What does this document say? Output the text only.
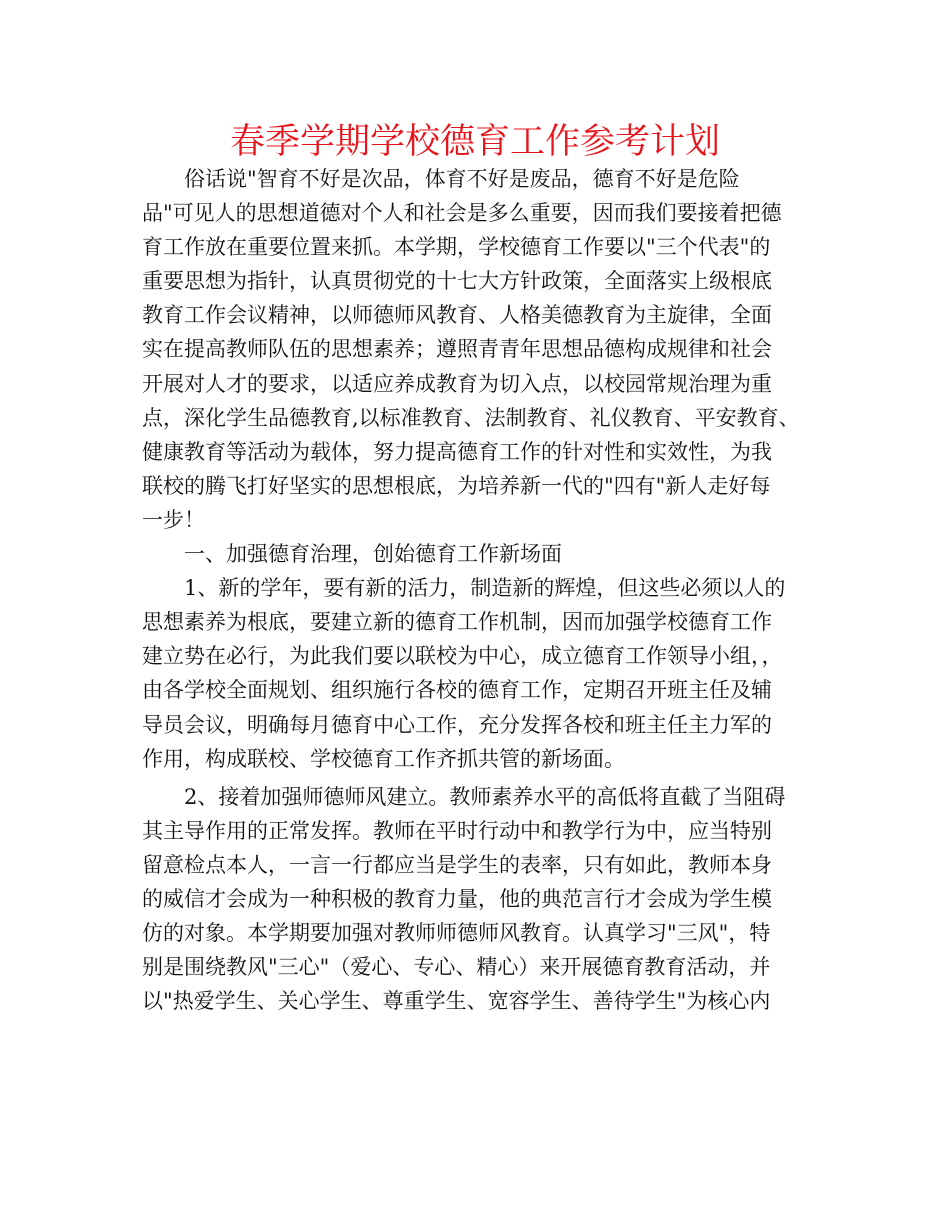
春季学期学校德育工作参考计划
　　俗话说"智育不好是次品，体育不好是废品，德育不好是危险
品"可见人的思想道德对个人和社会是多么重要，因而我们要接着把德
育工作放在重要位置来抓。本学期，学校德育工作要以"三个代表"的
重要思想为指针，认真贯彻党的十七大方针政策，全面落实上级根底
教育工作会议精神，以师德师风教育、人格美德教育为主旋律，全面
实在提高教师队伍的思想素养；遵照青青年思想品德构成规律和社会
开展对人才的要求，以适应养成教育为切入点，以校园常规治理为重
点，深化学生品德教育,以标准教育、法制教育、礼仪教育、平安教育、
健康教育等活动为载体，努力提高德育工作的针对性和实效性，为我
联校的腾飞打好坚实的思想根底，为培养新一代的"四有"新人走好每
一步！
　　一、加强德育治理，创始德育工作新场面
　　1、新的学年，要有新的活力，制造新的辉煌，但这些必须以人的
思想素养为根底，要建立新的德育工作机制，因而加强学校德育工作
建立势在必行，为此我们要以联校为中心，成立德育工作领导小组，，
由各学校全面规划、组织施行各校的德育工作，定期召开班主任及辅
导员会议，明确每月德育中心工作，充分发挥各校和班主任主力军的
作用，构成联校、学校德育工作齐抓共管的新场面。
　　2、接着加强师德师风建立。教师素养水平的高低将直截了当阻碍
其主导作用的正常发挥。教师在平时行动中和教学行为中，应当特别
留意检点本人，一言一行都应当是学生的表率，只有如此，教师本身
的威信才会成为一种积极的教育力量，他的典范言行才会成为学生模
仿的对象。本学期要加强对教师师德师风教育。认真学习"三风"，特
别是围绕教风"三心"（爱心、专心、精心）来开展德育教育活动，并
以"热爱学生、关心学生、尊重学生、宽容学生、善待学生"为核心内
